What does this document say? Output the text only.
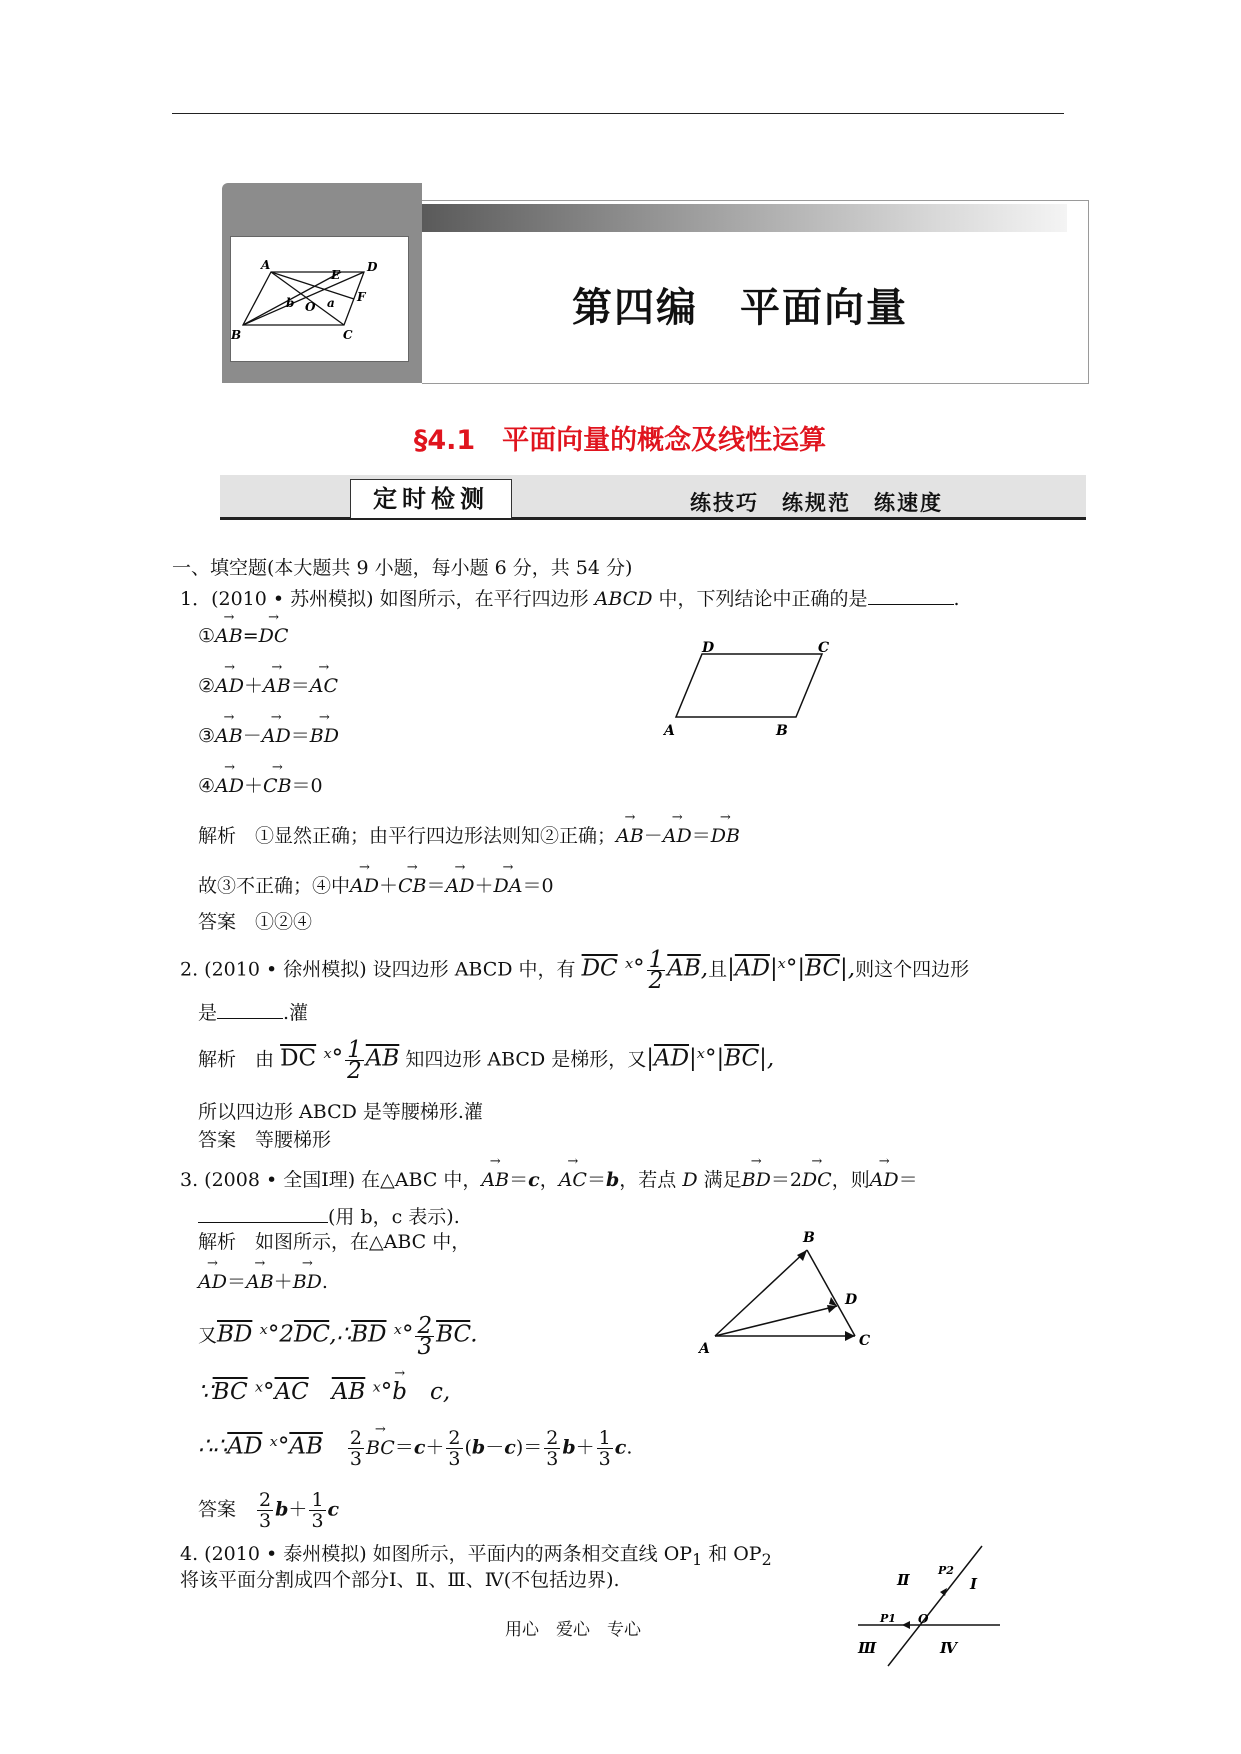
A	D
E
F
b O a
B	C
第四编　平面向量
§4.1　平面向量的概念及线性运算
定时检测	练技巧　练规范　练速度
一、填空题(本大题共 9 小题，每小题 6 分，共 54 分)
1．(2010 • 苏州模拟) 如图所示，在平行四边形 ABCD 中，下列结论中正确的是	.
①→ AB=→ DC
②→ AD＋→ AB＝→ AC
③→ AB－→ AD＝→ BD
④→ AD＋→ CB＝0
D	C
A	B
解析　 ①显然正确；由平行四边形法则知②正确；→ AB－→ AD＝→ DB
故③不正确；④中→ AD＋→ CB＝→ AD＋→ DA＝0
答案　 ①②④
2. (2010 • 徐州模拟) 设四边形 ABCD 中，有 $\overline{DC}$ ˣ° $\frac{1}{2} \overline{AB}$,且$|\overline{AD}|ˣ^\circ|\overline{BC}|$,则这个四边形
是	.灌
解析　 由 $\overline{DC}$ ˣ° $\frac{1}{2} \overline{AB}$ 知四边形 ABCD 是梯形，又$|\overline{AD}|ˣ^\circ|\overline{BC}|$,
所以四边形 ABCD 是等腰梯形.灌
答案　 等腰梯形
3. (2008 • 全国Ⅰ理) 在△ABC 中，→ AB＝c，→ AC＝b，若点 D 满足→ BD＝2→ DC，则→ AD＝
(用 b，c 表示).
解析　 如图所示，在△ABC 中，
→ AD＝→ AB＋→ BD.
又$\overline{BD}$ $ˣ^\circ 2\overline{DC},\therefore\overline{BD}$ ˣ° $\frac{2}{3} \overline{BC}$.
$\because\overline{BC}$ $ˣ^\circ\overline{AC}$　 $\overline{AB}$ ˣ°→ b　 c,
$\therefore\therefore\overline{AD}$ $ˣ^\circ\overline{AB}$　 $\frac{2}{3} \to BC=c+ \frac{2}{3} (b-c)= \frac{2}{3} b+ \frac{1}{3} c$.
答案　 $\frac{2}{3} b+ \frac{1}{3}$ c
B
D
A	C
4. (2010 • 泰州模拟) 如图所示，平面内的两条相交直线 $OP_1$ 和 $OP_2$
将该平面分割成四个部分Ⅰ、Ⅱ、Ⅲ、Ⅳ(不包括边界).	Ⅱ	Ⅰ
Ⅲ	Ⅳ
P2
P1 O
用心　爱心　专心
